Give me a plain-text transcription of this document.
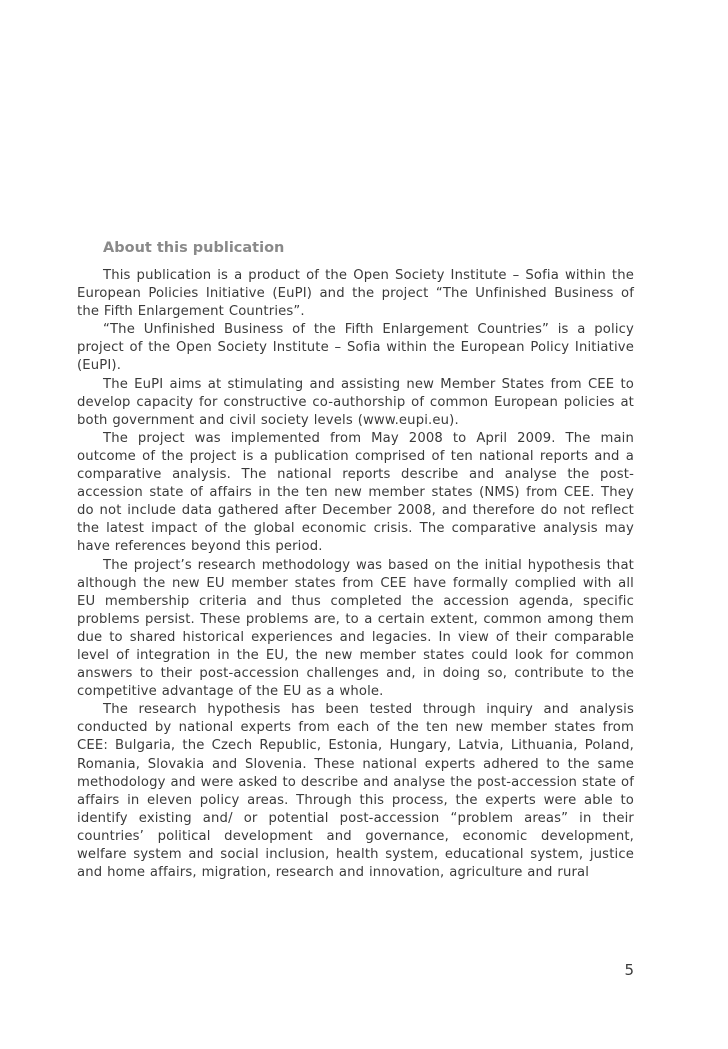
About this publication

This publication is a product of the Open Society Institute – Sofia within the European Policies Initiative (EuPI) and the project “The Unfinished Business of the Fifth Enlargement Countries”.

“The Unfinished Business of the Fifth Enlargement Countries” is a policy project of the Open Society Institute – Sofia within the European Policy Initiative (EuPI).

The EuPI aims at stimulating and assisting new Member States from CEE to develop capacity for constructive co-authorship of common European policies at both government and civil society levels (www.eupi.eu).

The project was implemented from May 2008 to April 2009. The main outcome of the project is a publication comprised of ten national reports and a comparative analysis. The national reports describe and analyse the post-accession state of affairs in the ten new member states (NMS) from CEE. They do not include data gathered after December 2008, and therefore do not reflect the latest impact of the global economic crisis. The comparative analysis may have references beyond this period.

The project’s research methodology was based on the initial hypothesis that although the new EU member states from CEE have formally complied with all EU membership criteria and thus completed the accession agenda, specific problems persist. These problems are, to a certain extent, common among them due to shared historical experiences and legacies. In view of their comparable level of integration in the EU, the new member states could look for common answers to their post-accession challenges and, in doing so, contribute to the competitive advantage of the EU as a whole.

The research hypothesis has been tested through inquiry and analysis conducted by national experts from each of the ten new member states from CEE: Bulgaria, the Czech Republic, Estonia, Hungary, Latvia, Lithuania, Poland, Romania, Slovakia and Slovenia. These national experts adhered to the same methodology and were asked to describe and analyse the post-accession state of affairs in eleven policy areas. Through this process, the experts were able to identify existing and/ or potential post-accession “problem areas” in their countries’ political development and governance, economic development, welfare system and social inclusion, health system, educational system, justice and home affairs, migration, research and innovation, agriculture and rural

5
